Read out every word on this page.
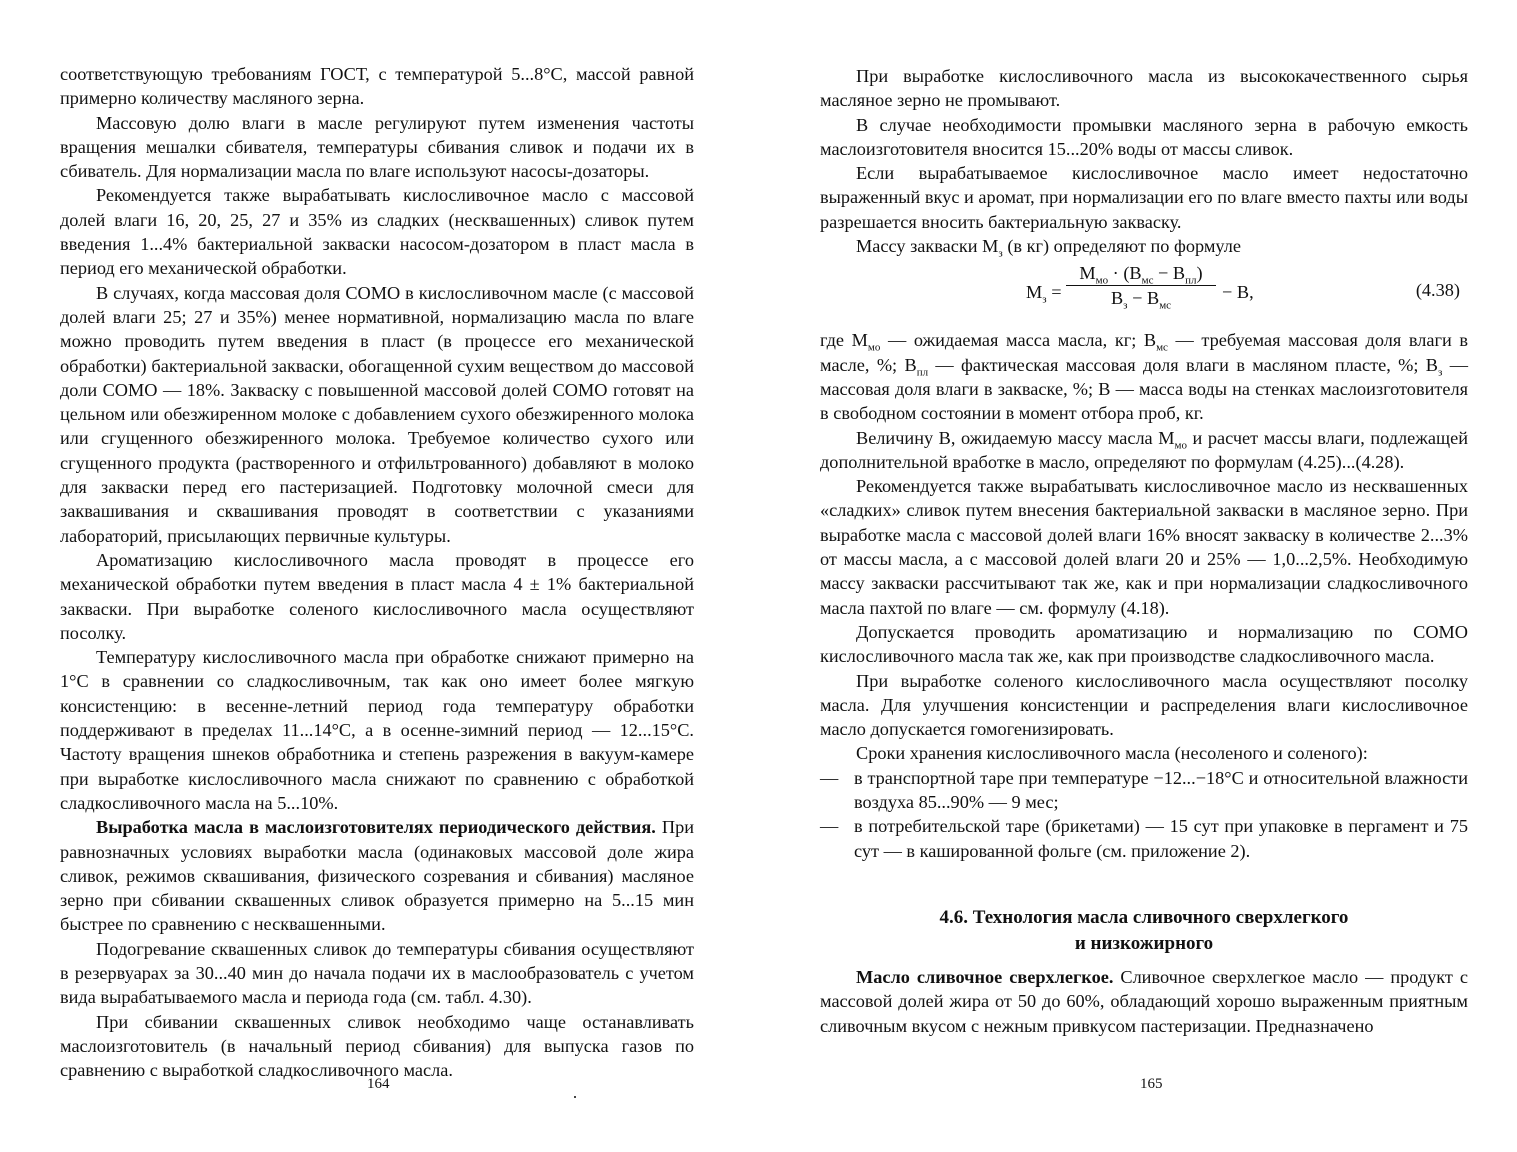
соответствующую требованиям ГОСТ, с температурой 5...8°С, массой равной примерно количеству масляного зерна.

Массовую долю влаги в масле регулируют путем изменения частоты вращения мешалки сбивателя, температуры сбивания сливок и подачи их в сбиватель. Для нормализации масла по влаге используют насосы-дозаторы.

Рекомендуется также вырабатывать кислосливочное масло с массовой долей влаги 16, 20, 25, 27 и 35% из сладких (несквашенных) сливок путем введения 1...4% бактериальной закваски насосом-дозатором в пласт масла в период его механической обработки.

В случаях, когда массовая доля СОМО в кислосливочном масле (с массовой долей влаги 25; 27 и 35%) менее нормативной, нормализацию масла по влаге можно проводить путем введения в пласт (в процессе его механической обработки) бактериальной закваски, обогащенной сухим веществом до массовой доли СОМО — 18%. Закваску с повышенной массовой долей СОМО готовят на цельном или обезжиренном молоке с добавлением сухого обезжиренного молока или сгущенного обезжиренного молока. Требуемое количество сухого или сгущенного продукта (растворенного и отфильтрованного) добавляют в молоко для закваски перед его пастеризацией. Подготовку молочной смеси для заквашивания и сквашивания проводят в соответствии с указаниями лабораторий, присылающих первичные культуры.

Ароматизацию кислосливочного масла проводят в процессе его механической обработки путем введения в пласт масла 4 ± 1% бактериальной закваски. При выработке соленого кислосливочного масла осуществляют посолку.

Температуру кислосливочного масла при обработке снижают примерно на 1°С в сравнении со сладкосливочным, так как оно имеет более мягкую консистенцию: в весенне-летний период года температуру обработки поддерживают в пределах 11...14°С, а в осенне-зимний период — 12...15°С. Частоту вращения шнеков обработника и степень разрежения в вакуум-камере при выработке кислосливочного масла снижают по сравнению с обработкой сладкосливочного масла на 5...10%.

Выработка масла в маслоизготовителях периодического действия. При равнозначных условиях выработки масла (одинаковых массовой доле жира сливок, режимов сквашивания, физического созревания и сбивания) масляное зерно при сбивании сквашенных сливок образуется примерно на 5...15 мин быстрее по сравнению с несквашенными.

Подогревание сквашенных сливок до температуры сбивания осуществляют в резервуарах за 30...40 мин до начала подачи их в маслообразователь с учетом вида вырабатываемого масла и периода года (см. табл. 4.30).

При сбивании сквашенных сливок необходимо чаще останавливать маслоизготовитель (в начальный период сбивания) для выпуска газов по сравнению с выработкой сладкосливочного масла.

При выработке кислосливочного масла из высококачественного сырья масляное зерно не промывают.

В случае необходимости промывки масляного зерна в рабочую емкость маслоизготовителя вносится 15...20% воды от массы сливок.

Если вырабатываемое кислосливочное масло имеет недостаточно выраженный вкус и аромат, при нормализации его по влаге вместо пахты или воды разрешается вносить бактериальную закваску.

Массу закваски $М_з$ (в кг) определяют по формуле

$М_з$ =
$М_{мо} \cdot (В_{мс} - В_{пл})$
$В_з - В_{мс}$
− В,	(4.38)

где $М_{мо}$ — ожидаемая масса масла, кг; $В_{мс}$ — требуемая массовая доля влаги в масле, %; $В_{пл}$ — фактическая массовая доля влаги в масляном пласте, %; $В_з$ — массовая доля влаги в закваске, %; В — масса воды на стенках маслоизготовителя в свободном состоянии в момент отбора проб, кг.

Величину В, ожидаемую массу масла $М_{мо}$ и расчет массы влаги, подлежащей дополнительной вработке в масло, определяют по формулам (4.25)...(4.28).

Рекомендуется также вырабатывать кислосливочное масло из несквашенных «сладких» сливок путем внесения бактериальной закваски в масляное зерно. При выработке масла с массовой долей влаги 16% вносят закваску в количестве 2...3% от массы масла, а с массовой долей влаги 20 и 25% — 1,0...2,5%. Необходимую массу закваски рассчитывают так же, как и при нормализации сладкосливочного масла пахтой по влаге — см. формулу (4.18).

Допускается проводить ароматизацию и нормализацию по СОМО кислосливочного масла так же, как при производстве сладкосливочного масла.

При выработке соленого кислосливочного масла осуществляют посолку масла. Для улучшения консистенции и распределения влаги кислосливочное масло допускается гомогенизировать.

Сроки хранения кислосливочного масла (несоленого и соленого):

— в транспортной таре при температуре −12...−18°С и относительной влажности воздуха 85...90% — 9 мес;
— в потребительской таре (брикетами) — 15 сут при упаковке в пергамент и 75 сут — в кашированной фольге (см. приложение 2).
4.6. Технология масла сливочного сверхлегкого
и низкожирного

Масло сливочное сверхлегкое. Сливочное сверхлегкое масло — продукт с массовой долей жира от 50 до 60%, обладающий хорошо выраженным приятным сливочным вкусом с нежным привкусом пастеризации. Предназначено

164	165
